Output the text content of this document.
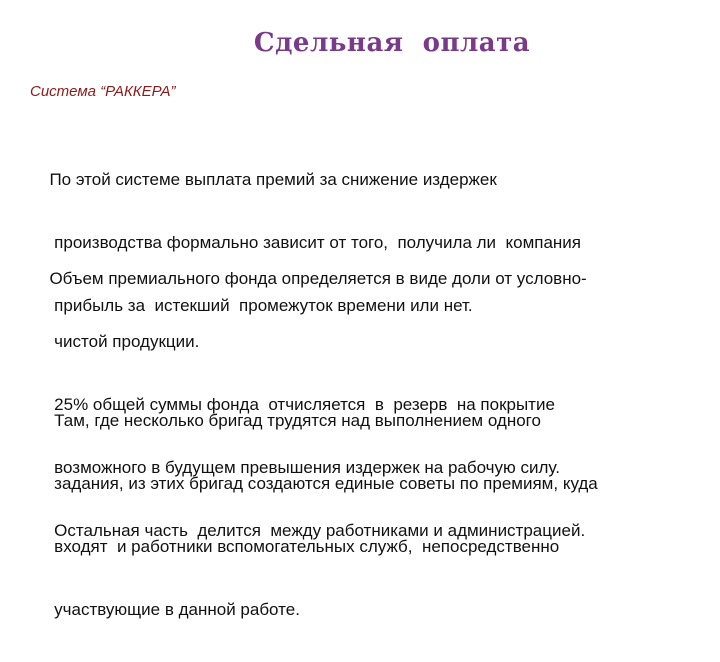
Сдельная  оплата
Система “РАККЕРА”

По этой системе выплата премий за снижение издержек

производства формально зависит от того,  получила ли  компания

прибыль за  истекший  промежуток времени или нет.

Объем премиального фонда определяется в виде доли от условно-

чистой продукции.

25% общей суммы фонда  отчисляется  в  резерв  на покрытие

возможного в будущем превышения издержек на рабочую силу.

Остальная часть  делится  между работниками и администрацией.

Там, где несколько бригад трудятся над выполнением одного

задания, из этих бригад создаются единые советы по премиям, куда

входят  и работники вспомогательных служб,  непосредственно

участвующие в данной работе.
